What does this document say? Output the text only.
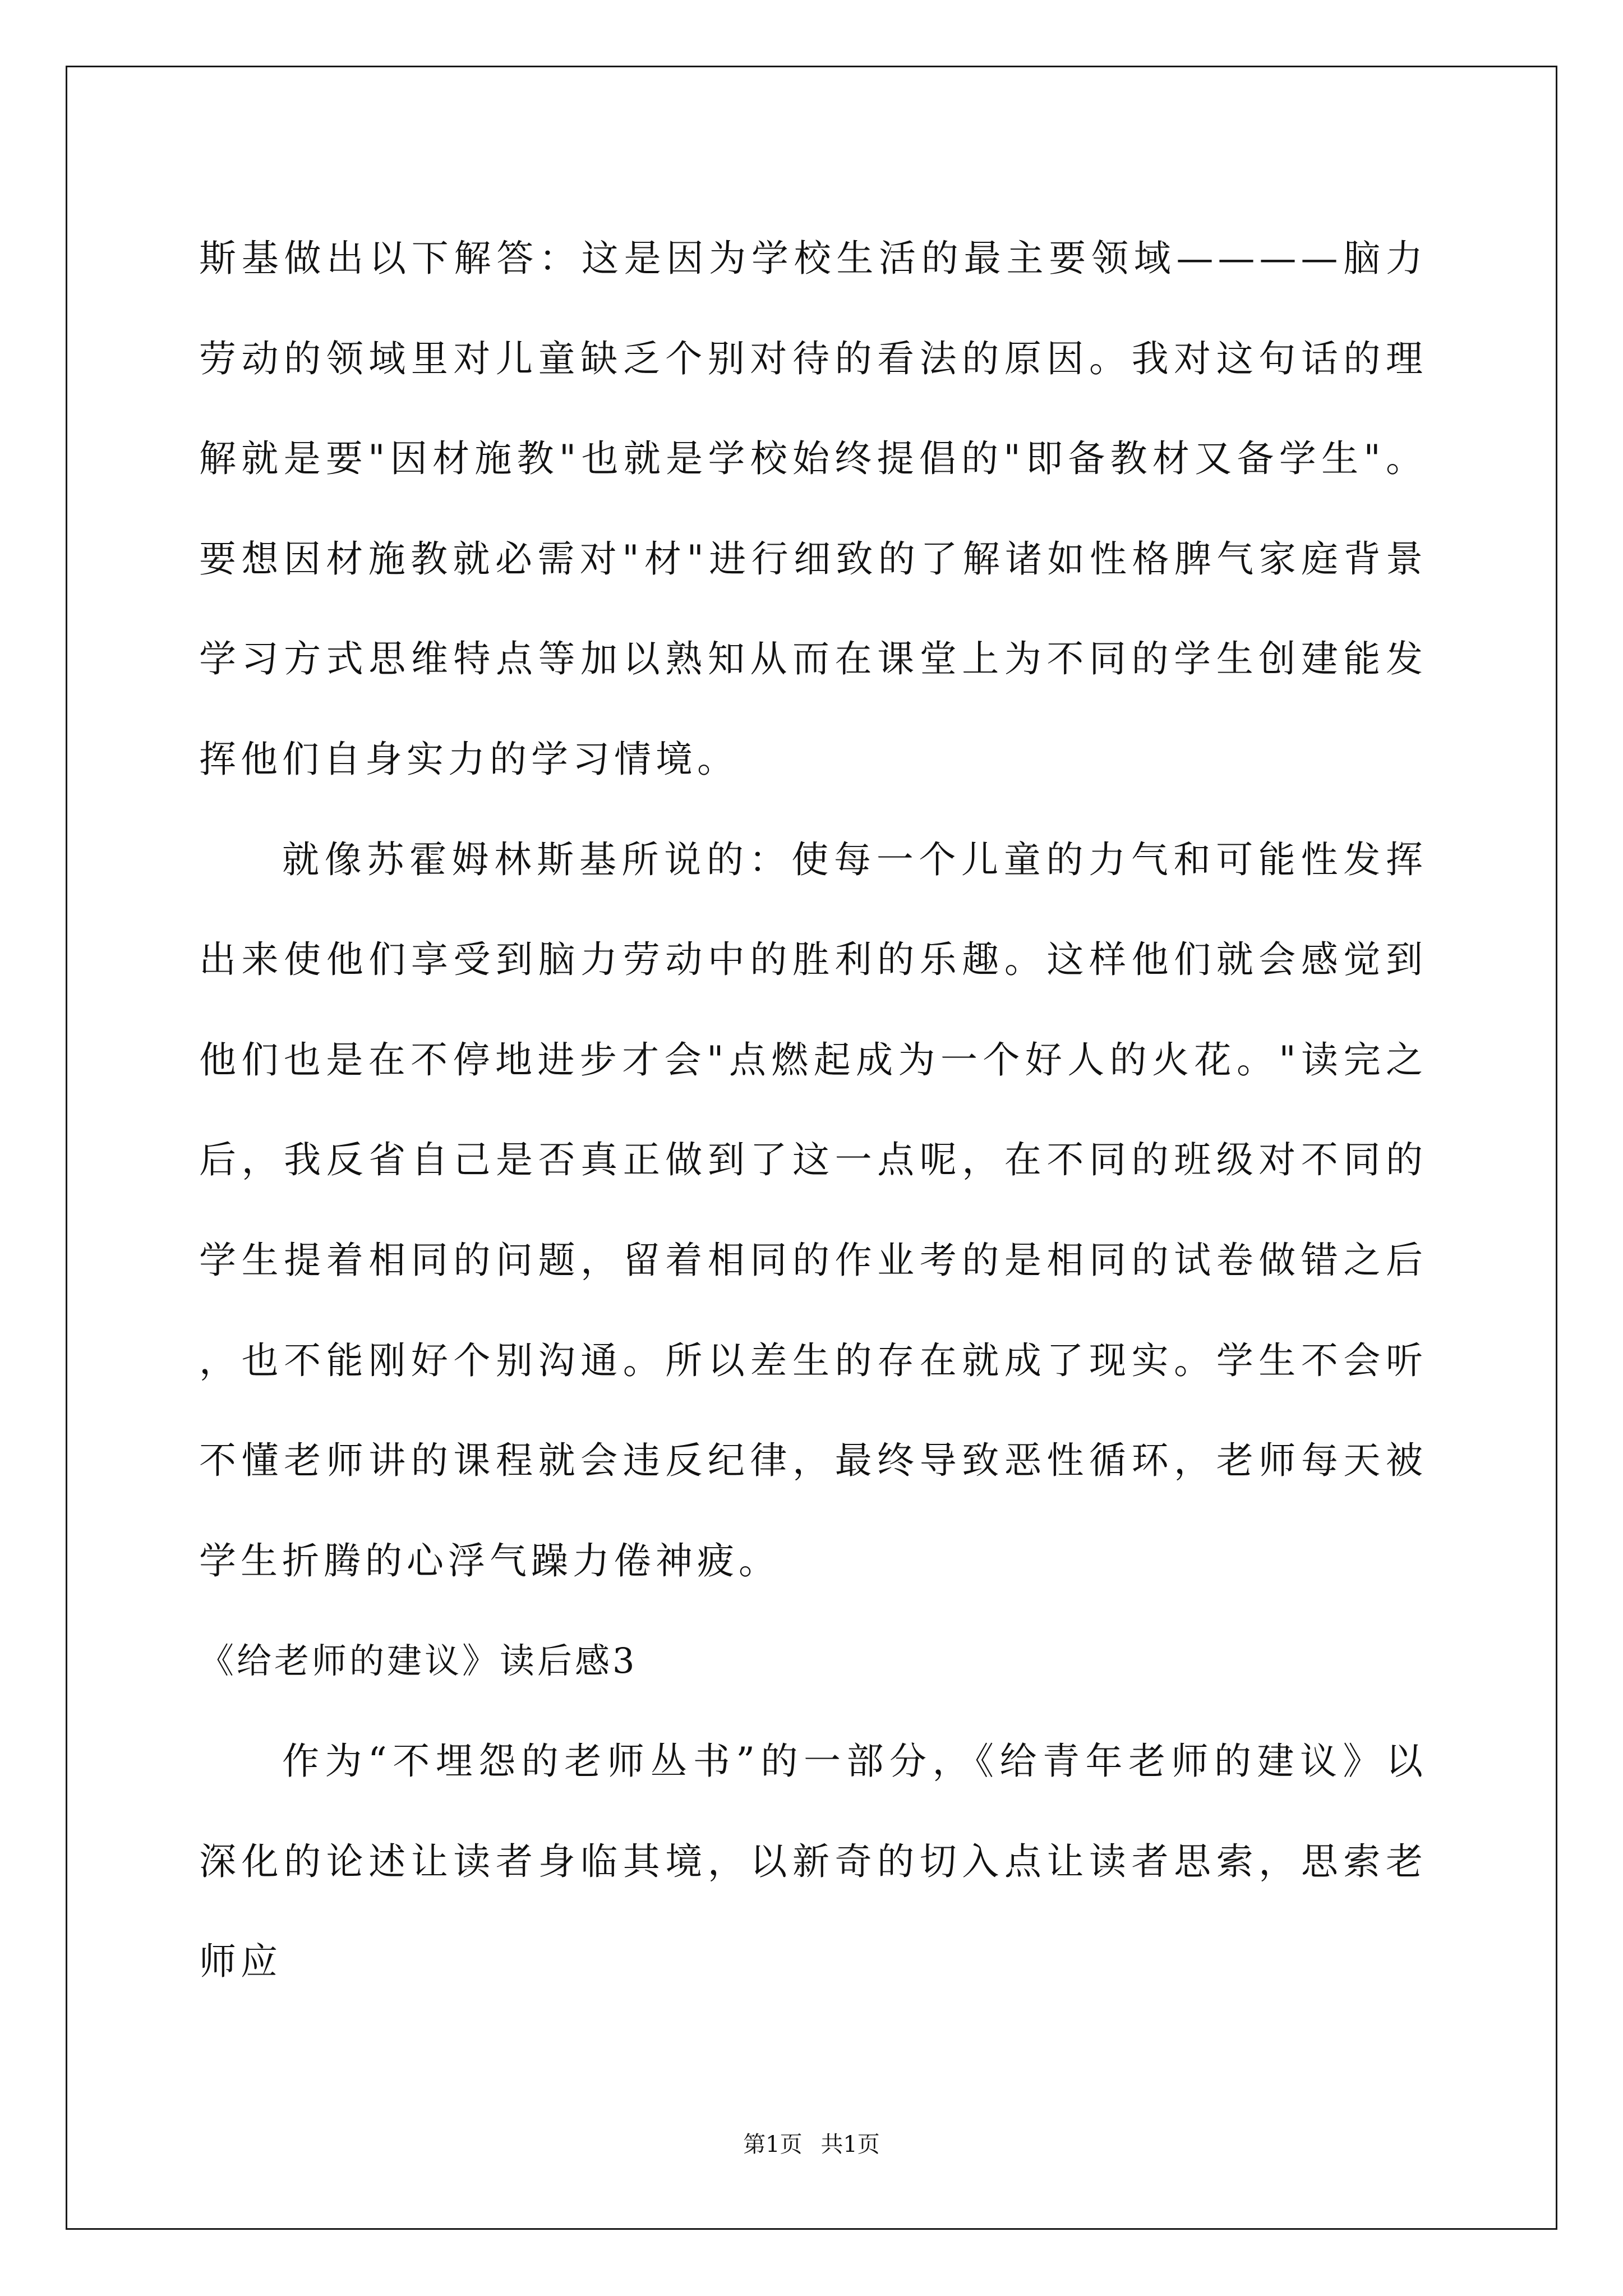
斯基做出以下解答：这是因为学校生活的最主要领域————脑力劳动的领域里对儿童缺乏个别对待的看法的原因。我对这句话的理解就是要"因材施教"也就是学校始终提倡的"即备教材又备学生"。要想因材施教就必需对"材"进行细致的了解诸如性格脾气家庭背景学习方式思维特点等加以熟知从而在课堂上为不同的学生创建能发挥他们自身实力的学习情境。

就像苏霍姆林斯基所说的：使每一个儿童的力气和可能性发挥出来使他们享受到脑力劳动中的胜利的乐趣。这样他们就会感觉到他们也是在不停地进步才会"点燃起成为一个好人的火花。"读完之后，我反省自己是否真正做到了这一点呢，在不同的班级对不同的学生提着相同的问题，留着相同的作业考的是相同的试卷做错之后，也不能刚好个别沟通。所以差生的存在就成了现实。学生不会听不懂老师讲的课程就会违反纪律，最终导致恶性循环，老师每天被学生折腾的心浮气躁力倦神疲。

《给老师的建议》读后感3

作为“不埋怨的老师丛书”的一部分，《给青年老师的建议》以深化的论述让读者身临其境，以新奇的切入点让读者思索，思索老师应

第1页 共1页
